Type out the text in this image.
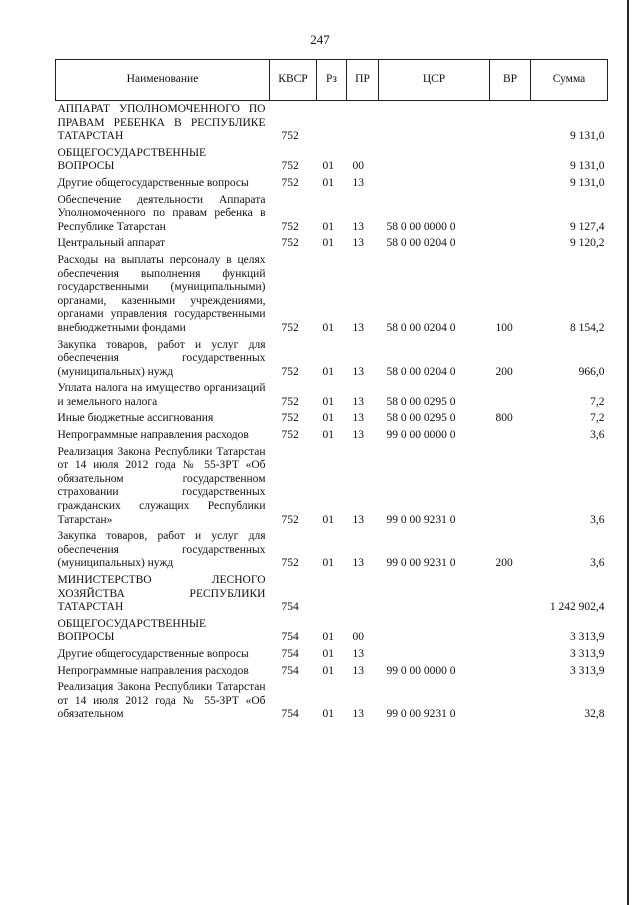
247
Наименование	КВСР	Рз	ПР	ЦСР	ВР	Сумма
АППАРАТ УПОЛНОМОЧЕННОГО ПО ПРАВАМ РЕБЕНКА В РЕСПУБЛИКЕ ТАТАРСТАН	752					9 131,0
ОБЩЕГОСУДАРСТВЕННЫЕ ВОПРОСЫ	752	01	00			9 131,0
Другие общегосударственные вопросы	752	01	13			9 131,0
Обеспечение деятельности Аппарата Уполномоченного по правам ребенка в Республике Татарстан	752	01	13	58 0 00 0000 0		9 127,4
Центральный аппарат	752	01	13	58 0 00 0204 0		9 120,2
Расходы на выплаты персоналу в целях обеспечения выполнения функций государственными (муниципальными) органами, казенными учреждениями, органами управления государственными внебюджетными фондами	752	01	13	58 0 00 0204 0	100	8 154,2
Закупка товаров, работ и услуг для обеспечения государственных (муниципальных) нужд	752	01	13	58 0 00 0204 0	200	966,0
Уплата налога на имущество организаций и земельного налога	752	01	13	58 0 00 0295 0		7,2
Иные бюджетные ассигнования	752	01	13	58 0 00 0295 0	800	7,2
Непрограммные направления расходов	752	01	13	99 0 00 0000 0		3,6
Реализация Закона Республики Татарстан от 14 июля 2012 года № 55-ЗРТ «Об обязательном государственном страховании государственных гражданских служащих Республики Татарстан»	752	01	13	99 0 00 9231 0		3,6
Закупка товаров, работ и услуг для обеспечения государственных (муниципальных) нужд	752	01	13	99 0 00 9231 0	200	3,6
МИНИСТЕРСТВО ЛЕСНОГО ХОЗЯЙСТВА РЕСПУБЛИКИ ТАТАРСТАН	754					1 242 902,4
ОБЩЕГОСУДАРСТВЕННЫЕ ВОПРОСЫ	754	01	00			3 313,9
Другие общегосударственные вопросы	754	01	13			3 313,9
Непрограммные направления расходов	754	01	13	99 0 00 0000 0		3 313,9
Реализация Закона Республики Татарстан от 14 июля 2012 года № 55-ЗРТ «Об обязательном	754	01	13	99 0 00 9231 0		32,8
